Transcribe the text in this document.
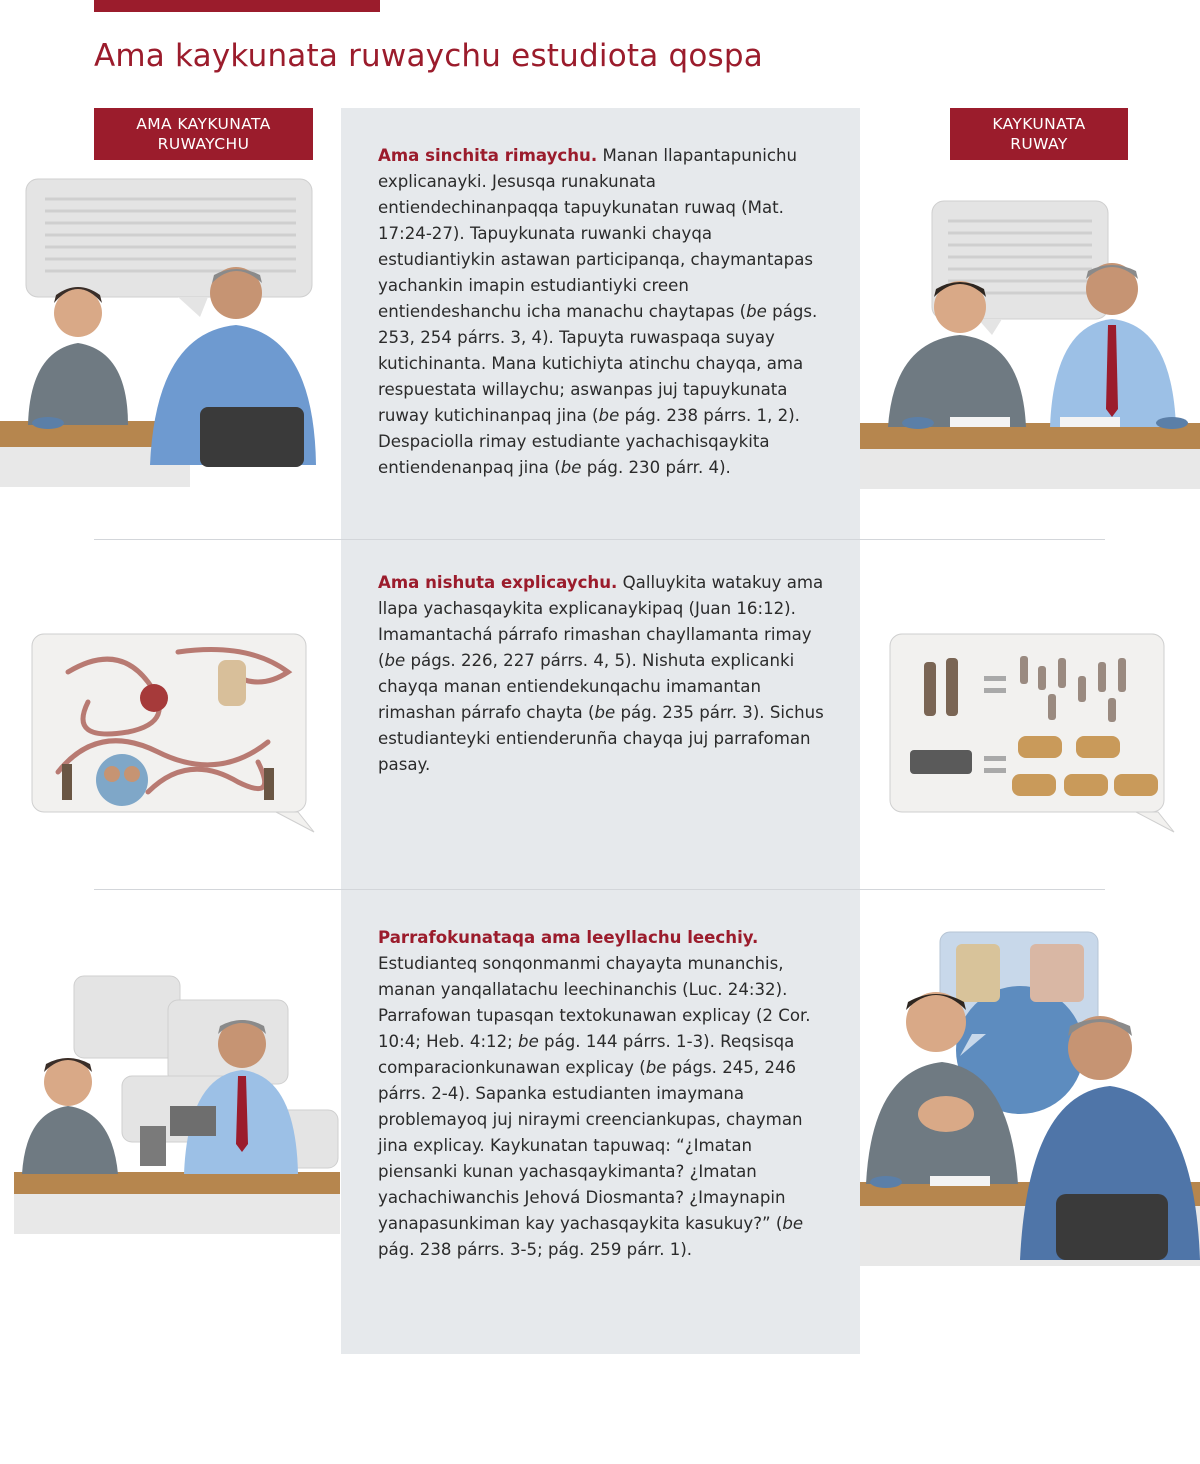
Ama kaykunata ruwaychu estudiota qospa
AMA KAYKUNATA
RUWAYCHU
KAYKUNATA
RUWAY

Ama sinchita rimaychu. Manan llapantapunichu explicanayki. Jesusqa runakunata entiendechinanpaqqa tapuykunatan ruwaq (Mat. 17:24-27). Tapuykunata ruwanki chayqa estudiantiykin astawan participanqa, chaymantapas yachankin imapin estudiantiyki creen entiendeshanchu icha manachu chaytapas (be págs. 253, 254 párrs. 3, 4). Tapuyta ruwaspaqa suyay kutichinanta. Mana kutichiyta atinchu chayqa, ama respuestata willaychu; aswanpas juj tapuykunata ruway kutichinanpaq jina (be pág. 238 párrs. 1, 2). Despaciolla rimay estudiante yachachisqaykita entiendenanpaq jina (be pág. 230 párr. 4).

Ama nishuta explicaychu. Qalluykita watakuy ama llapa yachasqaykita explicanaykipaq (Juan 16:12). Imamantachá párrafo rimashan chayllamanta rimay (be págs. 226, 227 párrs. 4, 5). Nishuta explicanki chayqa manan entiendekunqachu imamantan rimashan párrafo chayta (be pág. 235 párr. 3). Sichus estudianteyki entienderunña chayqa juj parrafoman pasay.

Parrafokunataqa ama leeyllachu leechiy. Estudianteq sonqonmanmi chayayta munanchis, manan yanqallatachu leechinanchis (Luc. 24:32). Parrafowan tupasqan textokunawan explicay (2 Cor. 10:4; Heb. 4:12; be pág. 144 párrs. 1-3). Reqsisqa comparacionkunawan explicay (be págs. 245, 246 párrs. 2-4). Sapanka estudianten imaymana problemayoq juj niraymi creenciankupas, chayman jina explicay. Kaykunatan tapuwaq: “¿Imatan piensanki kunan yachasqaykimanta? ¿Imatan yachachiwanchis Jehová Diosmanta? ¿Imaynapin yanapasunkiman kay yachasqaykita kasukuy?” (be pág. 238 párrs. 3-5; pág. 259 párr. 1).
